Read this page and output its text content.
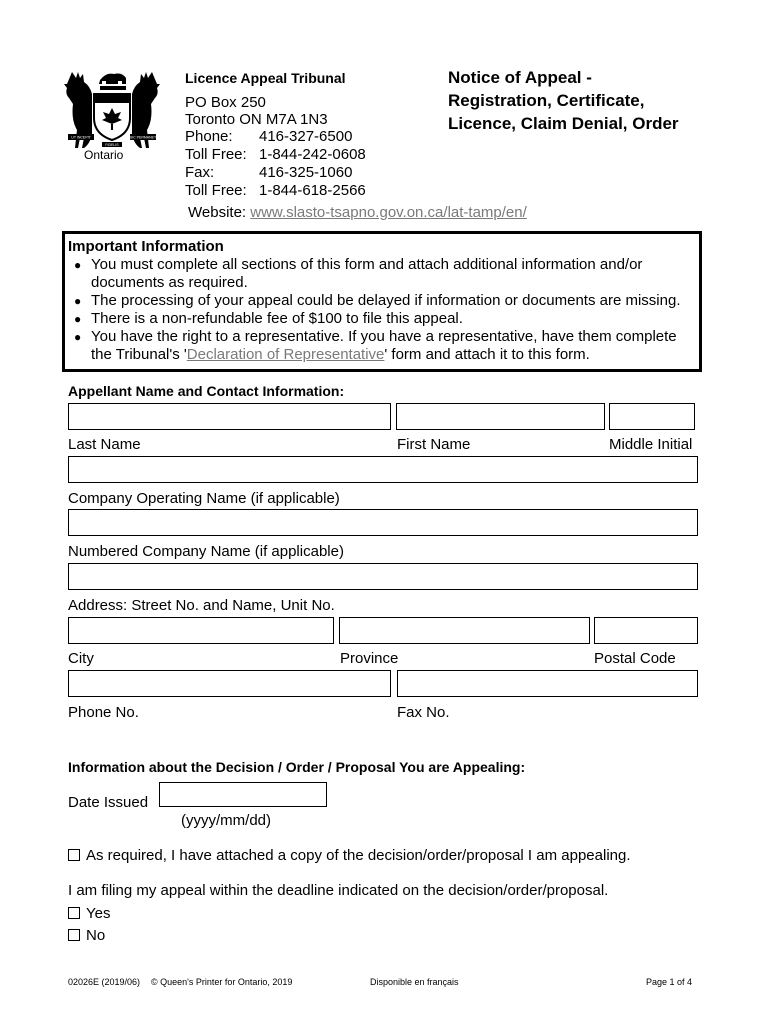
UT INCEPIT	SIC PERMANET
FIDELIS
Ontario
Licence Appeal Tribunal
PO Box 250
Toronto ON M7A 1N3
Phone: 416-327-6500
Toll Free: 1-844-242-0608
Fax:	416-325-1060
Toll Free: 1-844-618-2566
Website: www.slasto-tsapno.gov.on.ca/lat-tamp/en/
Notice of Appeal -
Registration, Certificate,
Licence, Claim Denial, Order
Important Information
● You must complete all sections of this form and attach additional information and/or
documents as required.
● The processing of your appeal could be delayed if information or documents are missing.
● There is a non-refundable fee of $100 to file this appeal.
● You have the right to a representative. If you have a representative, have them complete
the Tribunal's 'Declaration of Representative' form and attach it to this form.
Appellant Name and Contact Information:
Last Name	First Name	Middle Initial
Company Operating Name (if applicable)
Numbered Company Name (if applicable)
Address: Street No. and Name, Unit No.
City	Province	Postal Code
Phone No.	Fax No.
Information about the Decision / Order / Proposal You are Appealing:
Date Issued
(yyyy/mm/dd)
As required, I have attached a copy of the decision/order/proposal I am appealing.
I am filing my appeal within the deadline indicated on the decision/order/proposal.
Yes
No
02026E (2019/06) © Queen's Printer for Ontario, 2019	Disponible en français	Page 1 of 4
